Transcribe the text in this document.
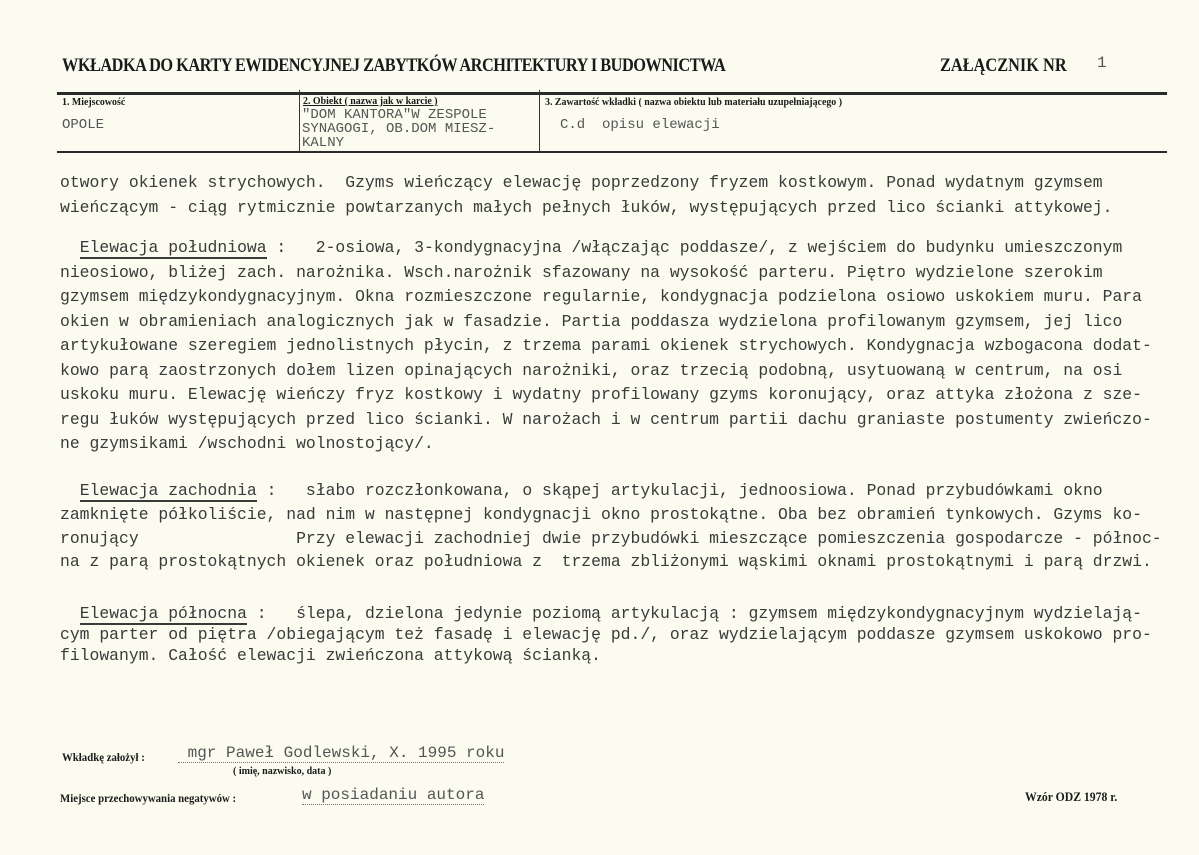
WKŁADKA DO KARTY EWIDENCYJNEJ ZABYTKÓW ARCHITEKTURY I BUDOWNICTWA	ZAŁĄCZNIK NR 1
1. Miejscowość
OPOLE
2. Obiekt ( nazwa jak w karcie )
"DOM KANTORA"W ZESPOLE
SYNAGOGI, OB.DOM MIESZ-
KALNY
3. Zawartość wkładki ( nazwa obiektu lub materiału uzupełniającego )
C.d  opisu elewacji
otwory okienek strychowych.  Gzyms wieńczący elewację poprzedzony fryzem kostkowym. Ponad wydatnym gzymsem
wieńczącym - ciąg rytmicznie powtarzanych małych pełnych łuków, występujących przed lico ścianki attykowej.
Elewacja południowa :   2-osiowa, 3-kondygnacyjna /włączając poddasze/, z wejściem do budynku umieszczonym
nieosiowo, bliżej zach. narożnika. Wsch.narożnik sfazowany na wysokość parteru. Piętro wydzielone szerokim
gzymsem międzykondygnacyjnym. Okna rozmieszczone regularnie, kondygnacja podzielona osiowo uskokiem muru. Para
okien w obramieniach analogicznych jak w fasadzie. Partia poddasza wydzielona profilowanym gzymsem, jej lico
artykułowane szeregiem jednolistnych płycin, z trzema parami okienek strychowych. Kondygnacja wzbogacona dodat-
kowo parą zaostrzonych dołem lizen opinających narożniki, oraz trzecią podobną, usytuowaną w centrum, na osi
uskoku muru. Elewację wieńczy fryz kostkowy i wydatny profilowany gzyms koronujący, oraz attyka złożona z sze-
regu łuków występujących przed lico ścianki. W narożach i w centrum partii dachu graniaste postumenty zwieńczo-
ne gzymsikami /wschodni wolnostojący/.
Elewacja zachodnia :   słabo rozczłonkowana, o skąpej artykulacji, jednoosiowa. Ponad przybudówkami okno
zamknięte półkoliście, nad nim w następnej kondygnacji okno prostokątne. Oba bez obramień tynkowych. Gzyms ko-
ronujący                Przy elewacji zachodniej dwie przybudówki mieszczące pomieszczenia gospodarcze - północ-
na z parą prostokątnych okienek oraz południowa z  trzema zbliżonymi wąskimi oknami prostokątnymi i parą drzwi.
Elewacja północna :   ślepa, dzielona jedynie poziomą artykulacją : gzymsem międzykondygnacyjnym wydzielają-
cym parter od piętra /obiegającym też fasadę i elewację pd./, oraz wydzielającym poddasze gzymsem uskokowo pro-
filowanym. Całość elewacji zwieńczona attykową ścianką.
Wkładkę założył : mgr Paweł Godlewski, X. 1995 roku
( imię, nazwisko, data )
Miejsce przechowywania negatywów :	w posiadaniu autora	Wzór ODZ 1978 r.
